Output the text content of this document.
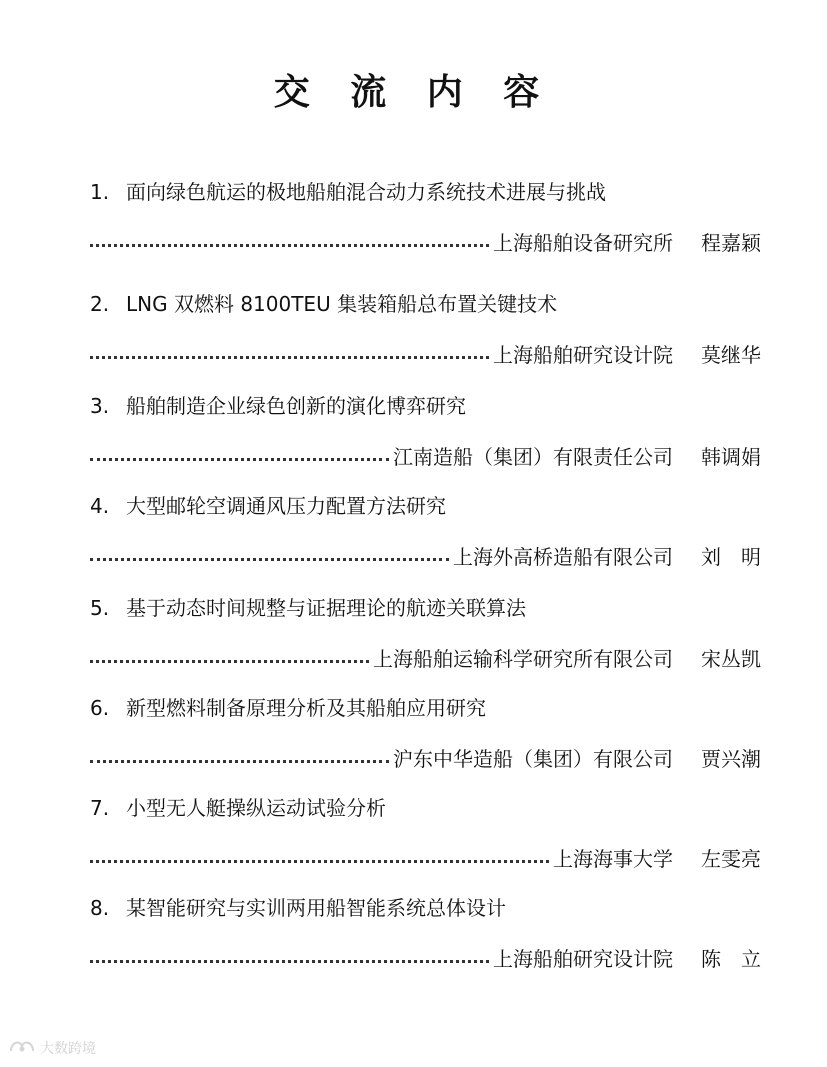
交 流 内 容
1. 面向绿色航运的极地船舶混合动力系统技术进展与挑战
上海船舶设备研究所 程嘉颖
2. LNG 双燃料 8100TEU 集装箱船总布置关键技术
上海船舶研究设计院 莫继华
3. 船舶制造企业绿色创新的演化博弈研究
江南造船（集团）有限责任公司 韩调娟
4. 大型邮轮空调通风压力配置方法研究
上海外高桥造船有限公司 刘　明
5. 基于动态时间规整与证据理论的航迹关联算法
上海船舶运输科学研究所有限公司 宋丛凯
6. 新型燃料制备原理分析及其船舶应用研究
沪东中华造船（集团）有限公司 贾兴潮
7. 小型无人艇操纵运动试验分析
上海海事大学 左雯亮
8. 某智能研究与实训两用船智能系统总体设计
上海船舶研究设计院 陈　立
大数跨境
